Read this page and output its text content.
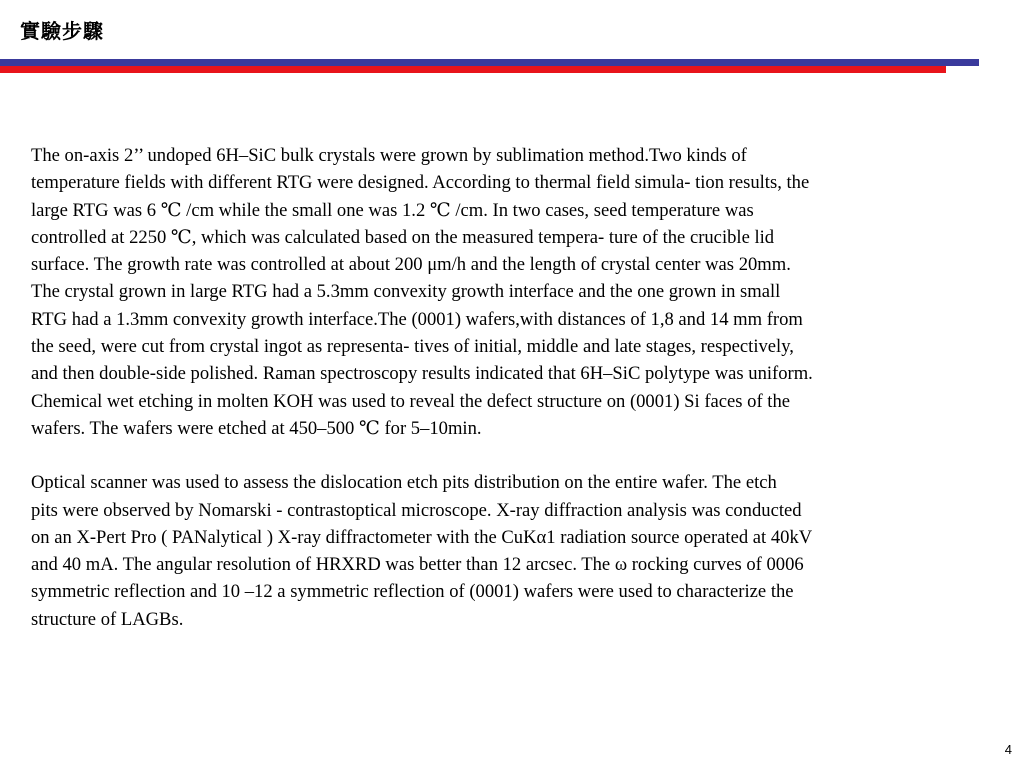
實驗步驟

The on-axis 2’’ undoped 6H–SiC bulk crystals were grown by sublimation method.Two kinds of
temperature fields with different RTG were designed. According to thermal field simula- tion results, the
large RTG was 6 ℃ /cm while the small one was 1.2 ℃ /cm. In two cases, seed temperature was
controlled at 2250 ℃, which was calculated based on the measured tempera- ture of the crucible lid
surface. The growth rate was controlled at about 200 μm/h and the length of crystal center was 20mm.
The crystal grown in large RTG had a 5.3mm convexity growth interface and the one grown in small
RTG had a 1.3mm convexity growth interface.The (0001) wafers,with distances of 1,8 and 14 mm from
the seed, were cut from crystal ingot as representa- tives of initial, middle and late stages, respectively,
and then double-side polished. Raman spectroscopy results indicated that 6H–SiC polytype was uniform.
Chemical wet etching in molten KOH was used to reveal the defect structure on (0001) Si faces of the
wafers. The wafers were etched at 450–500 ℃ for 5–10min.

Optical scanner was used to assess the dislocation etch pits distribution on the entire wafer. The etch
pits were observed by Nomarski - contrastoptical microscope. X-ray diffraction analysis was conducted
on an X-Pert Pro ( PANalytical ) X-ray diffractometer with the CuKα1 radiation source operated at 40kV
and 40 mA. The angular resolution of HRXRD was better than 12 arcsec. The ω rocking curves of 0006
symmetric reflection and 10 –12 a symmetric reflection of (0001) wafers were used to characterize the
structure of LAGBs.

4
